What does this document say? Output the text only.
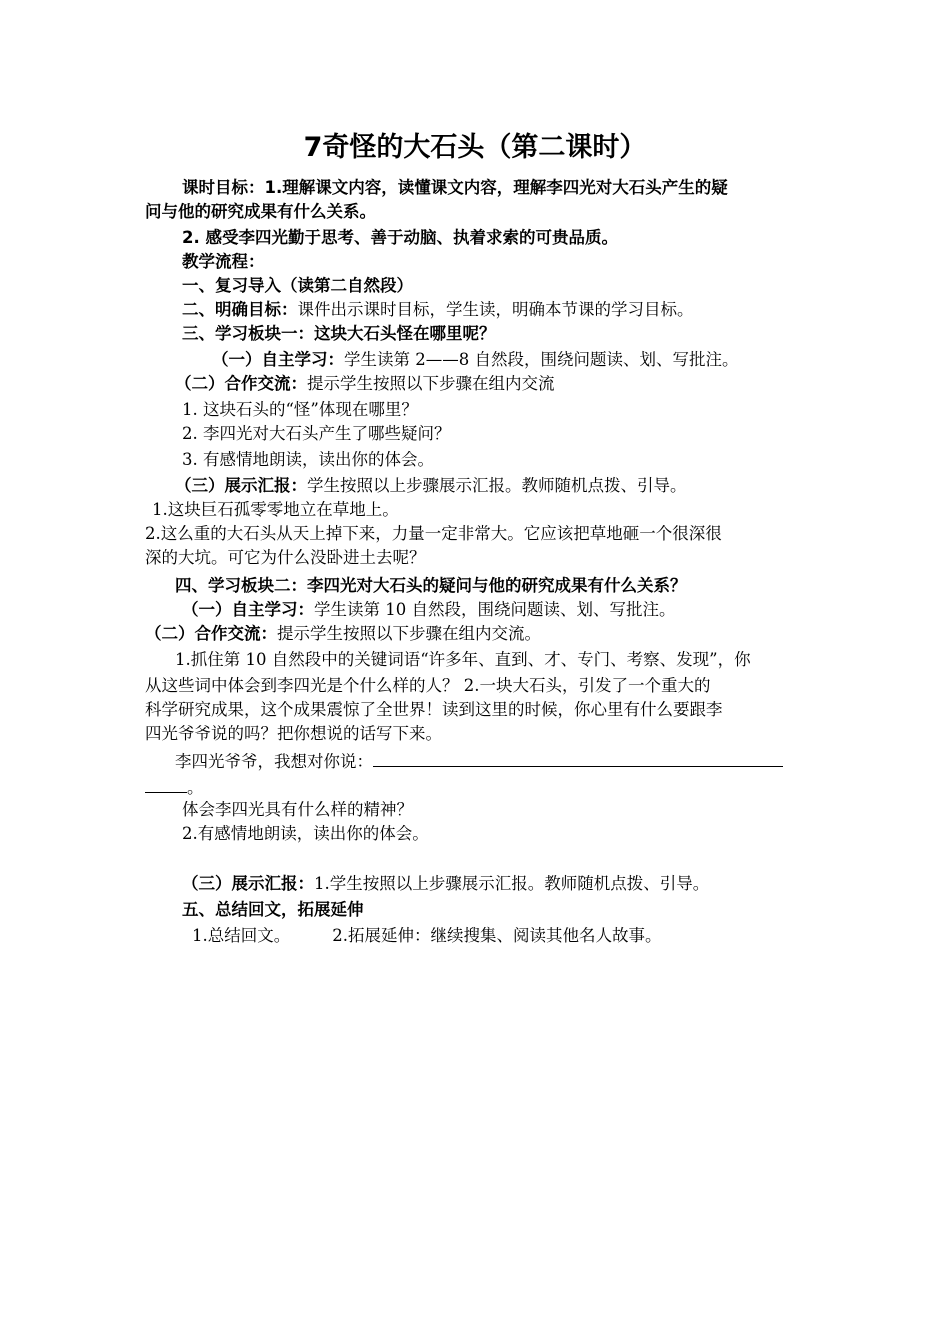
7奇怪的大石头（第二课时）
课时目标：1.理解课文内容，读懂课文内容，理解李四光对大石头产生的疑
问与他的研究成果有什么关系。
2. 感受李四光勤于思考、善于动脑、执着求索的可贵品质。
教学流程：
一、复习导入（读第二自然段）
二、明确目标：课件出示课时目标，学生读，明确本节课的学习目标。
三、学习板块一：这块大石头怪在哪里呢？
（一）自主学习：学生读第 2——8 自然段，围绕问题读、划、写批注。
（二）合作交流：提示学生按照以下步骤在组内交流
1. 这块石头的“怪”体现在哪里？
2. 李四光对大石头产生了哪些疑问？
3. 有感情地朗读，读出你的体会。
（三）展示汇报：学生按照以上步骤展示汇报。教师随机点拨、引导。
1.这块巨石孤零零地立在草地上。
2.这么重的大石头从天上掉下来，力量一定非常大。它应该把草地砸一个很深很
深的大坑。可它为什么没卧进土去呢？
四、学习板块二：李四光对大石头的疑问与他的研究成果有什么关系？
（一）自主学习：学生读第 10 自然段，围绕问题读、划、写批注。
（二）合作交流：提示学生按照以下步骤在组内交流。
1.抓住第 10 自然段中的关键词语“许多年、直到、才、专门、考察、发现”，你
从这些词中体会到李四光是个什么样的人？ 2.一块大石头，引发了一个重大的
科学研究成果，这个成果震惊了全世界！读到这里的时候，你心里有什么要跟李
四光爷爷说的吗？把你想说的话写下来。
李四光爷爷，我想对你说：
。
体会李四光具有什么样的精神？
2.有感情地朗读，读出你的体会。
（三）展示汇报：1.学生按照以上步骤展示汇报。教师随机点拨、引导。
五、总结回文，拓展延伸
1.总结回文。	2.拓展延伸：继续搜集、阅读其他名人故事。
